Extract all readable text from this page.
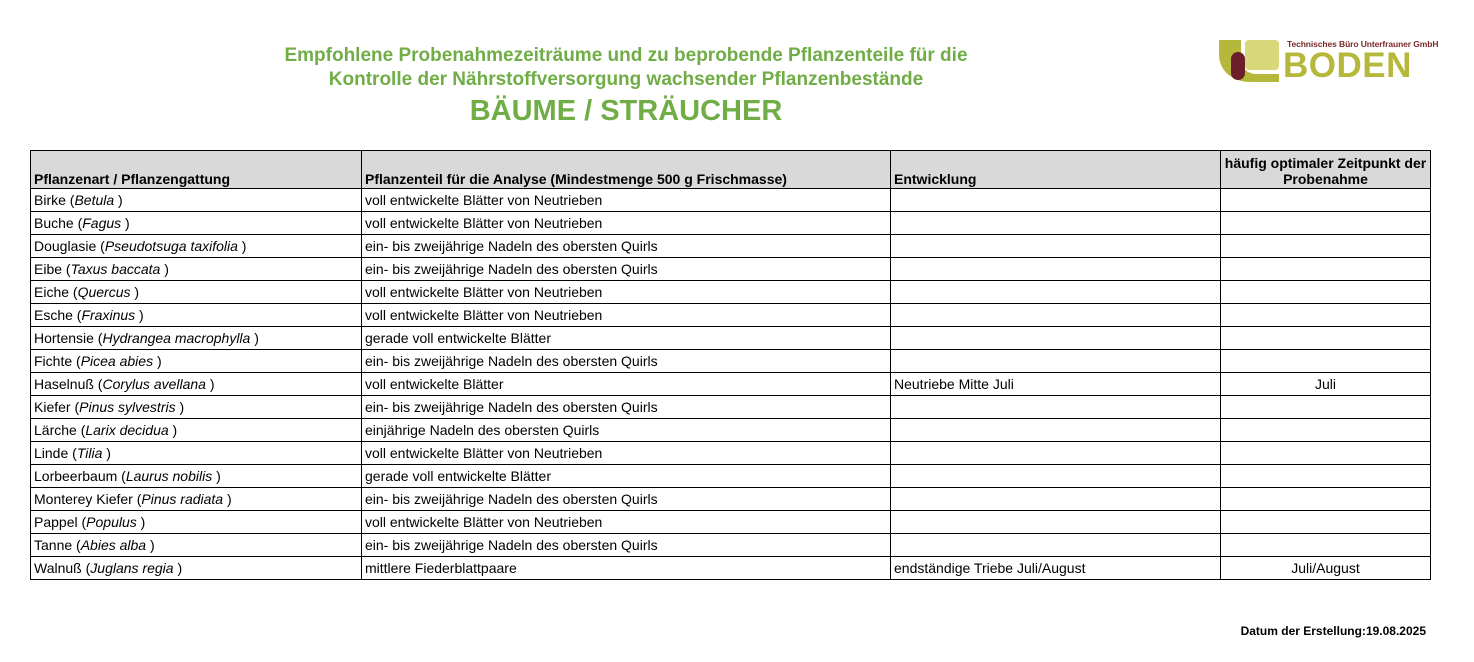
Empfohlene Probenahmezeiträume und zu beprobende Pflanzenteile für die
Kontrolle der Nährstoffversorgung wachsender Pflanzenbestände
BÄUME / STRÄUCHER
Technisches Büro Unterfrauner GmbH
BODEN
Pflanzenart / Pflanzengattung	Pflanzenteil für die Analyse (Mindestmenge 500 g Frischmasse)	Entwicklung	häufig optimaler Zeitpunkt der Probenahme
Birke (Betula )	voll entwickelte Blätter von Neutrieben		
Buche (Fagus )	voll entwickelte Blätter von Neutrieben		
Douglasie (Pseudotsuga taxifolia )	ein- bis zweijährige Nadeln des obersten Quirls		
Eibe (Taxus baccata )	ein- bis zweijährige Nadeln des obersten Quirls		
Eiche (Quercus )	voll entwickelte Blätter von Neutrieben		
Esche (Fraxinus )	voll entwickelte Blätter von Neutrieben		
Hortensie (Hydrangea macrophylla )	gerade voll entwickelte Blätter		
Fichte (Picea abies )	ein- bis zweijährige Nadeln des obersten Quirls		
Haselnuß (Corylus avellana )	voll entwickelte Blätter	Neutriebe Mitte Juli	Juli
Kiefer (Pinus sylvestris )	ein- bis zweijährige Nadeln des obersten Quirls		
Lärche (Larix decidua )	einjährige Nadeln des obersten Quirls		
Linde (Tilia )	voll entwickelte Blätter von Neutrieben		
Lorbeerbaum (Laurus nobilis )	gerade voll entwickelte Blätter		
Monterey Kiefer (Pinus radiata )	ein- bis zweijährige Nadeln des obersten Quirls		
Pappel (Populus )	voll entwickelte Blätter von Neutrieben		
Tanne (Abies alba )	ein- bis zweijährige Nadeln des obersten Quirls		
Walnuß (Juglans regia )	mittlere Fiederblattpaare	endständige Triebe Juli/August	Juli/August
Datum der Erstellung:19.08.2025
